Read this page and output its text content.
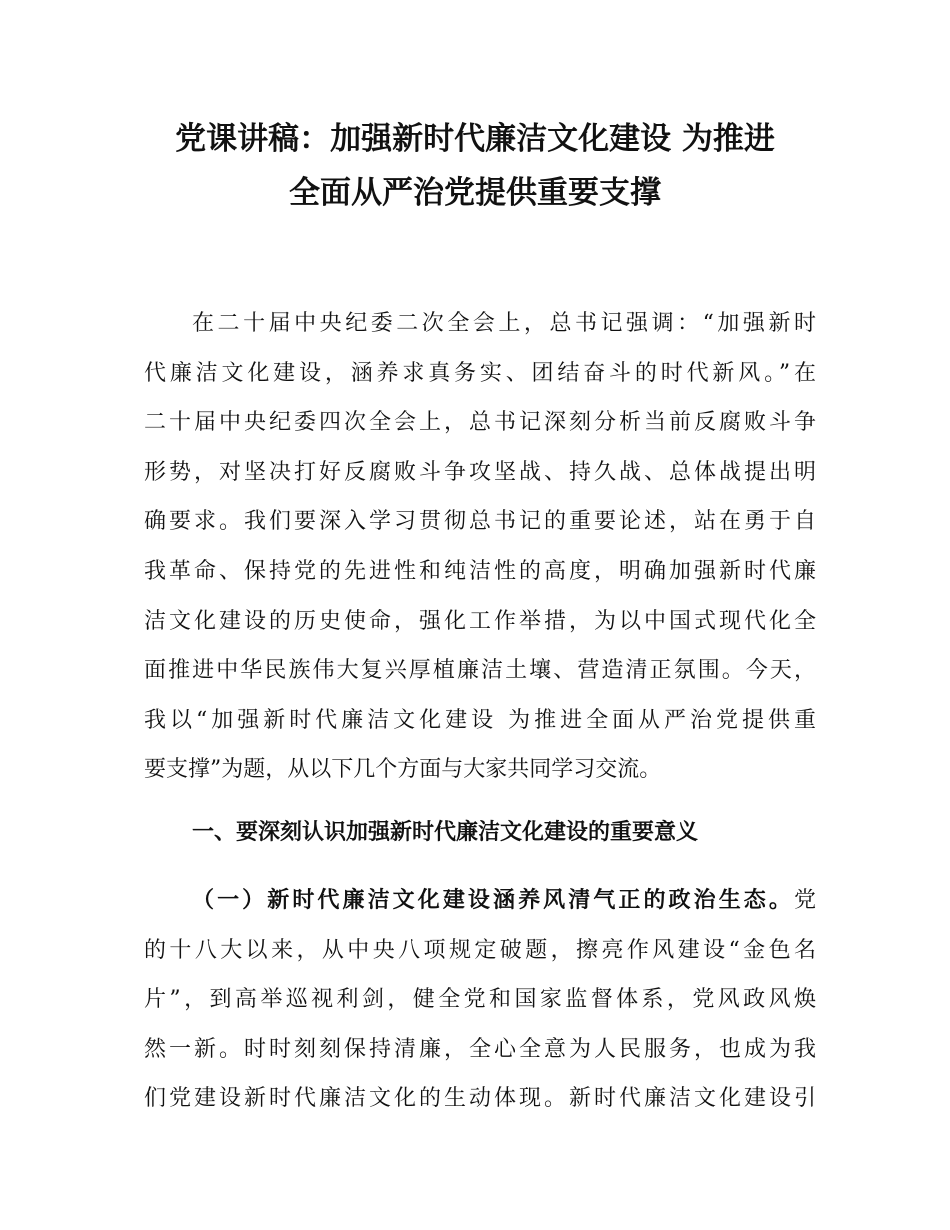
党课讲稿：加强新时代廉洁文化建设 为推进
全面从严治党提供重要支撑
在二十届中央纪委二次全会上，总书记强调：“加强新时
代廉洁文化建设，涵养求真务实、团结奋斗的时代新风。”在
二十届中央纪委四次全会上，总书记深刻分析当前反腐败斗争
形势，对坚决打好反腐败斗争攻坚战、持久战、总体战提出明
确要求。我们要深入学习贯彻总书记的重要论述，站在勇于自
我革命、保持党的先进性和纯洁性的高度，明确加强新时代廉
洁文化建设的历史使命，强化工作举措，为以中国式现代化全
面推进中华民族伟大复兴厚植廉洁土壤、营造清正氛围。今天，
我以“加强新时代廉洁文化建设 为推进全面从严治党提供重
要支撑”为题，从以下几个方面与大家共同学习交流。
一、要深刻认识加强新时代廉洁文化建设的重要意义
（一）新时代廉洁文化建设涵养风清气正的政治生态。党
的十八大以来，从中央八项规定破题，擦亮作风建设“金色名
片”，到高举巡视利剑，健全党和国家监督体系，党风政风焕
然一新。时时刻刻保持清廉，全心全意为人民服务，也成为我
们党建设新时代廉洁文化的生动体现。新时代廉洁文化建设引
